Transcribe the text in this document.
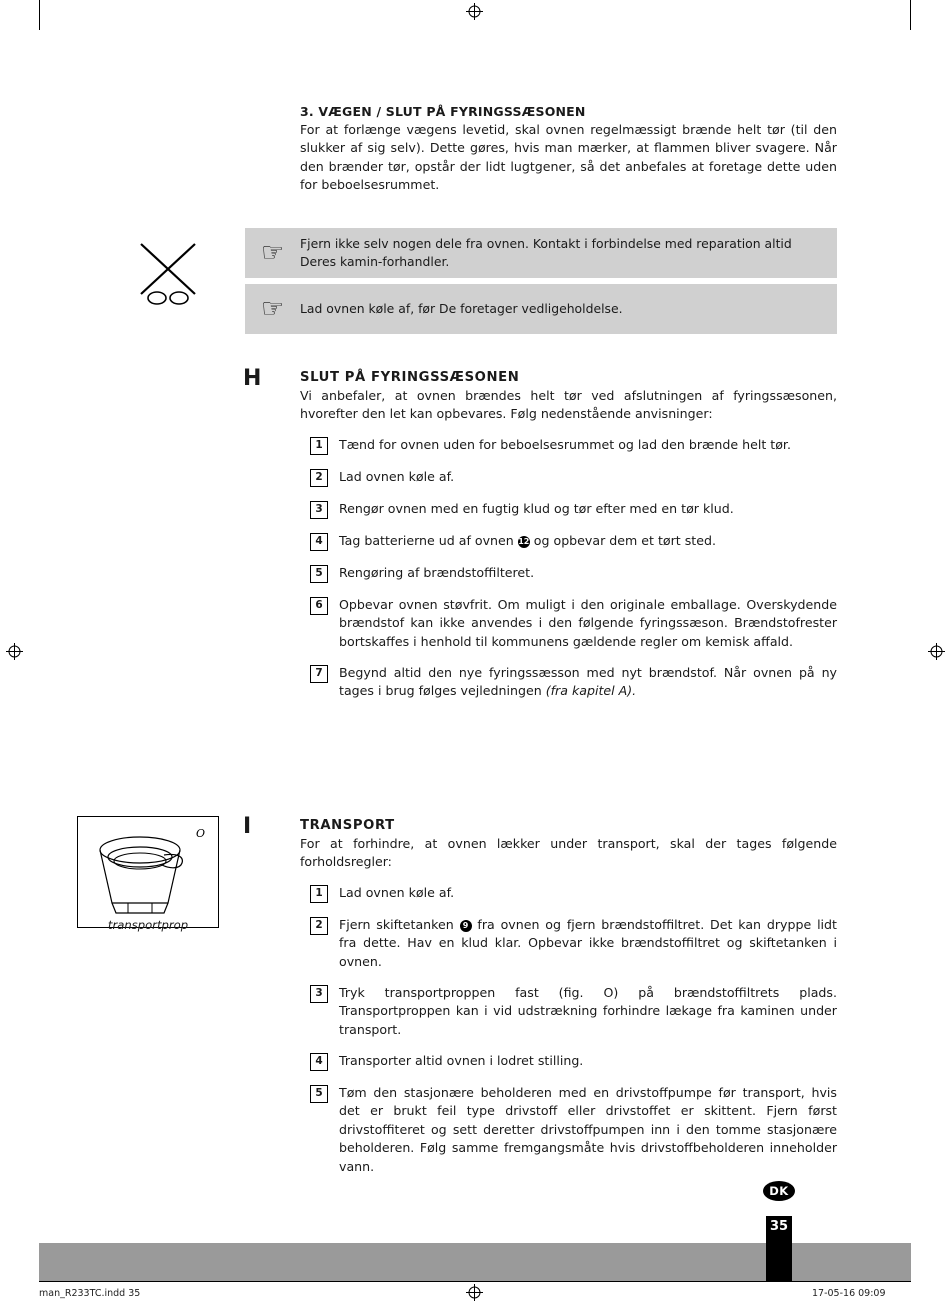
3. VÆGEN / SLUT PÅ FYRINGSSÆSONEN

For at forlænge vægens levetid, skal ovnen regelmæssigt brænde helt tør (til den slukker af sig selv). Dette gøres, hvis man mærker, at flammen bliver svagere. Når den brænder tør, opstår der lidt lugtgener, så det anbefales at foretage dette uden for beboelsesrummet.

☞	Fjern ikke selv nogen dele fra ovnen. Kontakt i forbindelse med reparation altid Deres kamin-forhandler.
☞	Lad ovnen køle af, før De foretager vedligeholdelse.
H	SLUT PÅ FYRINGSSÆSONEN

Vi anbefaler, at ovnen brændes helt tør ved afslutningen af fyringssæsonen, hvorefter den let kan opbevares. Følg nedenstående anvisninger:

1	Tænd for ovnen uden for beboelsesrummet og lad den brænde helt tør.
2	Lad ovnen køle af.
3	Rengør ovnen med en fugtig klud og tør efter med en tør klud.
4	Tag batterierne ud af ovnen 12 og opbevar dem et tørt sted.
5	Rengøring af brændstoffilteret.
6	Opbevar ovnen støvfrit. Om muligt i den originale emballage. Overskydende brændstof kan ikke anvendes i den følgende fyringssæson. Brændstofrester bortskaffes i henhold til kommunens gældende regler om kemisk affald.
7	Begynd altid den nye fyringssæsson med nyt brændstof. Når ovnen på ny tages i brug følges vejledningen (fra kapitel A).
O
transportprop
I	TRANSPORT

For at forhindre, at ovnen lækker under transport, skal der tages følgende forholdsregler:

1	Lad ovnen køle af.
2	Fjern skiftetanken 9 fra ovnen og fjern brændstoffiltret. Det kan dryppe lidt fra dette. Hav en klud klar. Opbevar ikke brændstoffiltret og skiftetanken i ovnen.
3	Tryk transportproppen fast (fig. O) på brændstoffiltrets plads. Transportproppen kan i vid udstrækning forhindre lækage fra kaminen under transport.
4	Transporter altid ovnen i lodret stilling.
5	Tøm den stasjonære beholderen med en drivstoffpumpe før transport, hvis det er brukt feil type drivstoff eller drivstoffet er skittent. Fjern først drivstoffiteret og sett deretter drivstoffpumpen inn i den tomme stasjonære beholderen. Følg samme fremgangsmåte hvis drivstoffbeholderen inneholder vann.
DK
35
man_R233TC.indd 35	17-05-16 09:09
